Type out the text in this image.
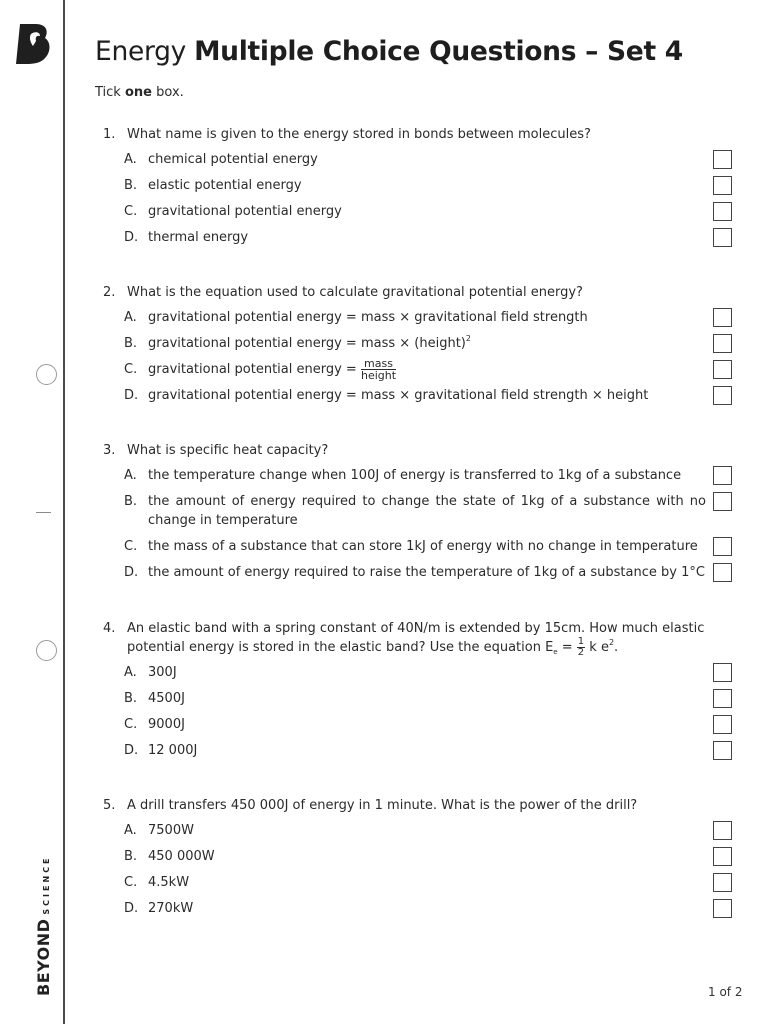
BEYONDSCIENCE
Energy Multiple Choice Questions – Set 4
Tick one box.
1. What name is given to the energy stored in bonds between molecules?
A. chemical potential energy
B. elastic potential energy
C. gravitational potential energy
D. thermal energy
2. What is the equation used to calculate gravitational potential energy?
A. gravitational potential energy = mass × gravitational field strength
B. gravitational potential energy = mass × (height)$^2$
C. gravitational potential energy = $\frac{\text{mass}}{\text{height}}$
D. gravitational potential energy = mass × gravitational field strength × height
3. What is specific heat capacity?
A. the temperature change when 100J of energy is transferred to 1kg of a substance
B. the amount of energy required to change the state of 1kg of a substance with no change in temperature
C. the mass of a substance that can store 1kJ of energy with no change in temperature
D. the amount of energy required to raise the temperature of 1kg of a substance by 1°C
4. An elastic band with a spring constant of 40N/m is extended by 15cm. How much elastic potential energy is stored in the elastic band? Use the equation $E_e = \frac{1}{2}$ k $e^2$.
A. 300J
B. 4500J
C. 9000J
D. 12 000J
5. A drill transfers 450 000J of energy in 1 minute. What is the power of the drill?
A. 7500W
B. 450 000W
C. 4.5kW
D. 270kW
1 of 2
